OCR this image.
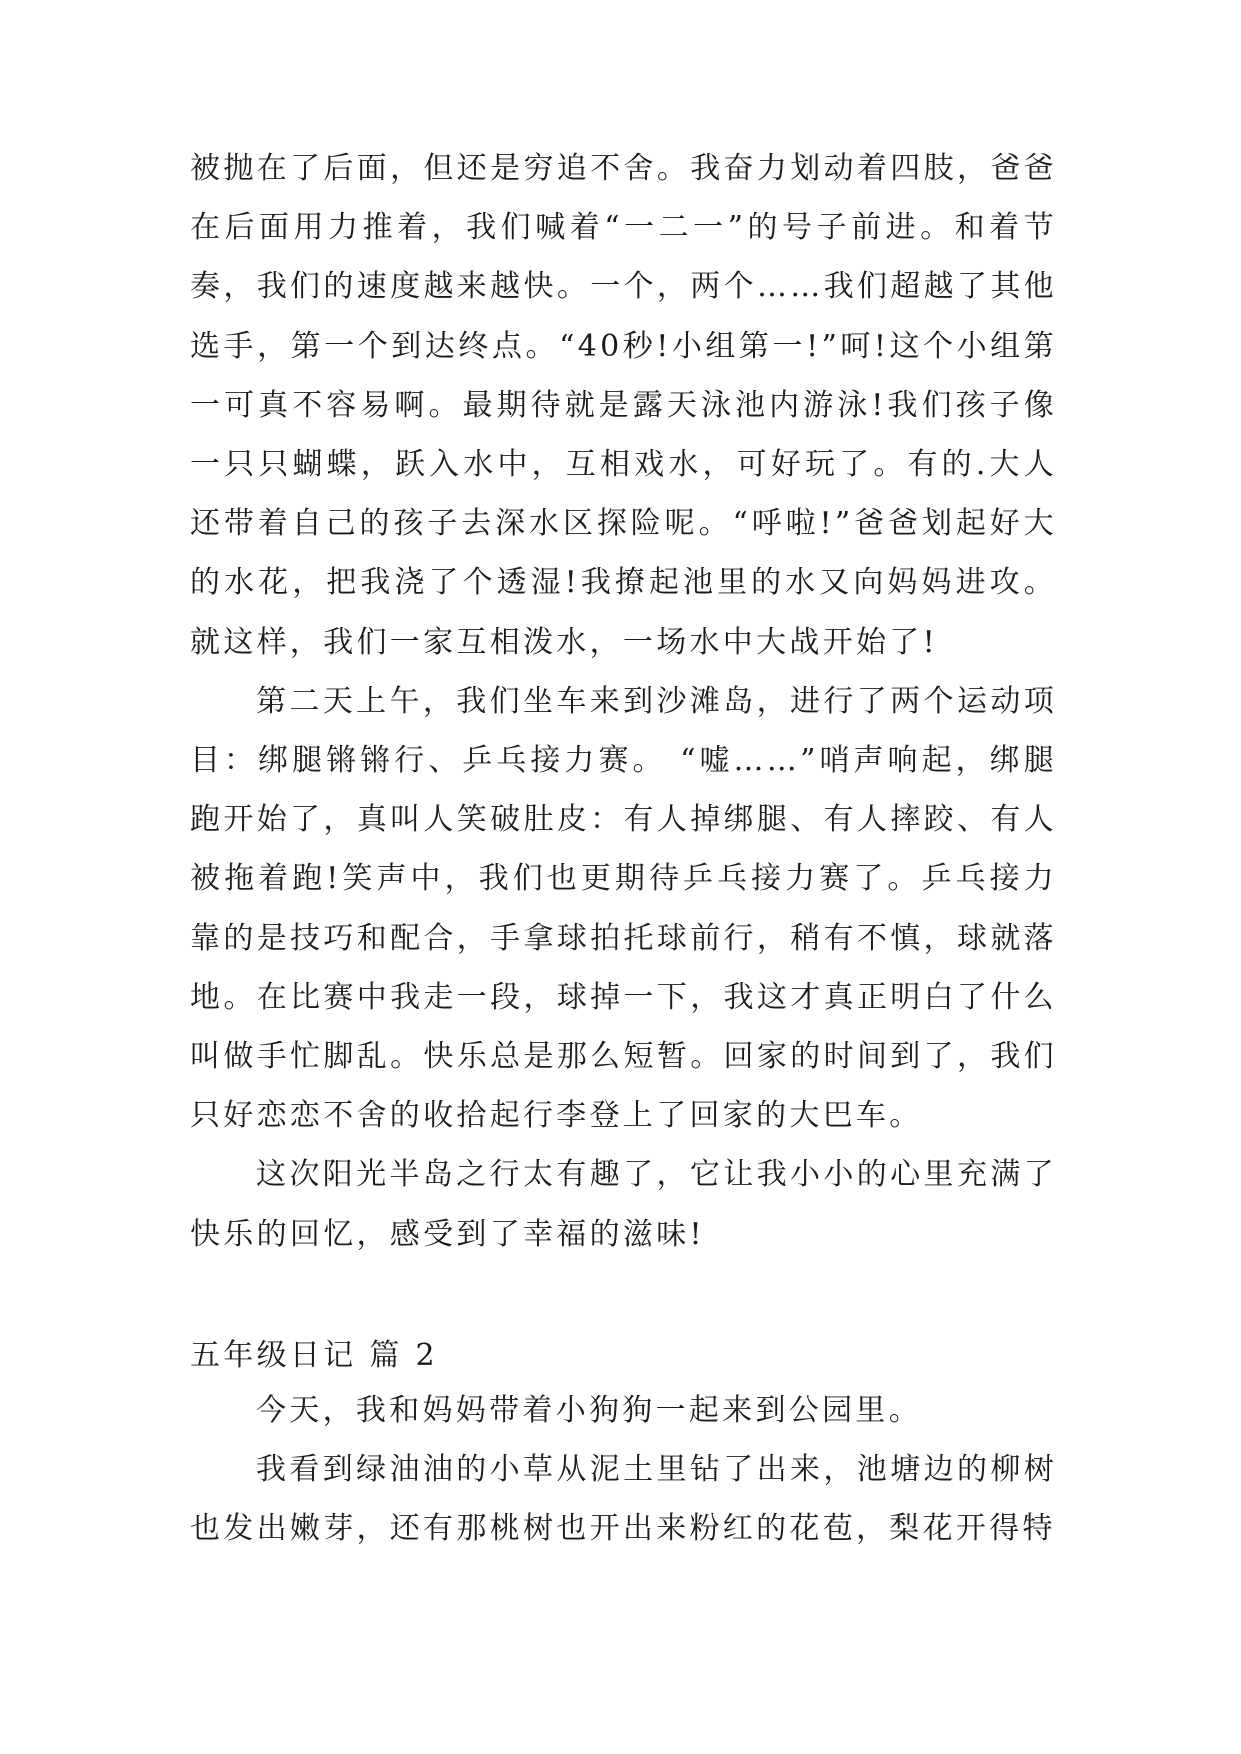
被抛在了后面，但还是穷追不舍。我奋力划动着四肢，爸爸在后面用力推着，我们喊着“一二一”的号子前进。和着节奏，我们的速度越来越快。一个，两个……我们超越了其他选手，第一个到达终点。“40秒!小组第一!”呵!这个小组第一可真不容易啊。最期待就是露天泳池内游泳!我们孩子像一只只蝴蝶，跃入水中，互相戏水，可好玩了。有的.大人还带着自己的孩子去深水区探险呢。“呼啦!”爸爸划起好大的水花，把我浇了个透湿!我撩起池里的水又向妈妈进攻。就这样，我们一家互相泼水，一场水中大战开始了!

第二天上午，我们坐车来到沙滩岛，进行了两个运动项目：绑腿锵锵行、乒乓接力赛。 “嘘……”哨声响起，绑腿跑开始了，真叫人笑破肚皮：有人掉绑腿、有人摔跤、有人被拖着跑!笑声中，我们也更期待乒乓接力赛了。乒乓接力靠的是技巧和配合，手拿球拍托球前行，稍有不慎，球就落地。在比赛中我走一段，球掉一下，我这才真正明白了什么叫做手忙脚乱。快乐总是那么短暂。回家的时间到了，我们只好恋恋不舍的收拾起行李登上了回家的大巴车。

这次阳光半岛之行太有趣了，它让我小小的心里充满了快乐的回忆，感受到了幸福的滋味!

五年级日记 篇 2

今天，我和妈妈带着小狗狗一起来到公园里。

我看到绿油油的小草从泥土里钻了出来，池塘边的柳树也发出嫩芽，还有那桃树也开出来粉红的花苞，梨花开得特
